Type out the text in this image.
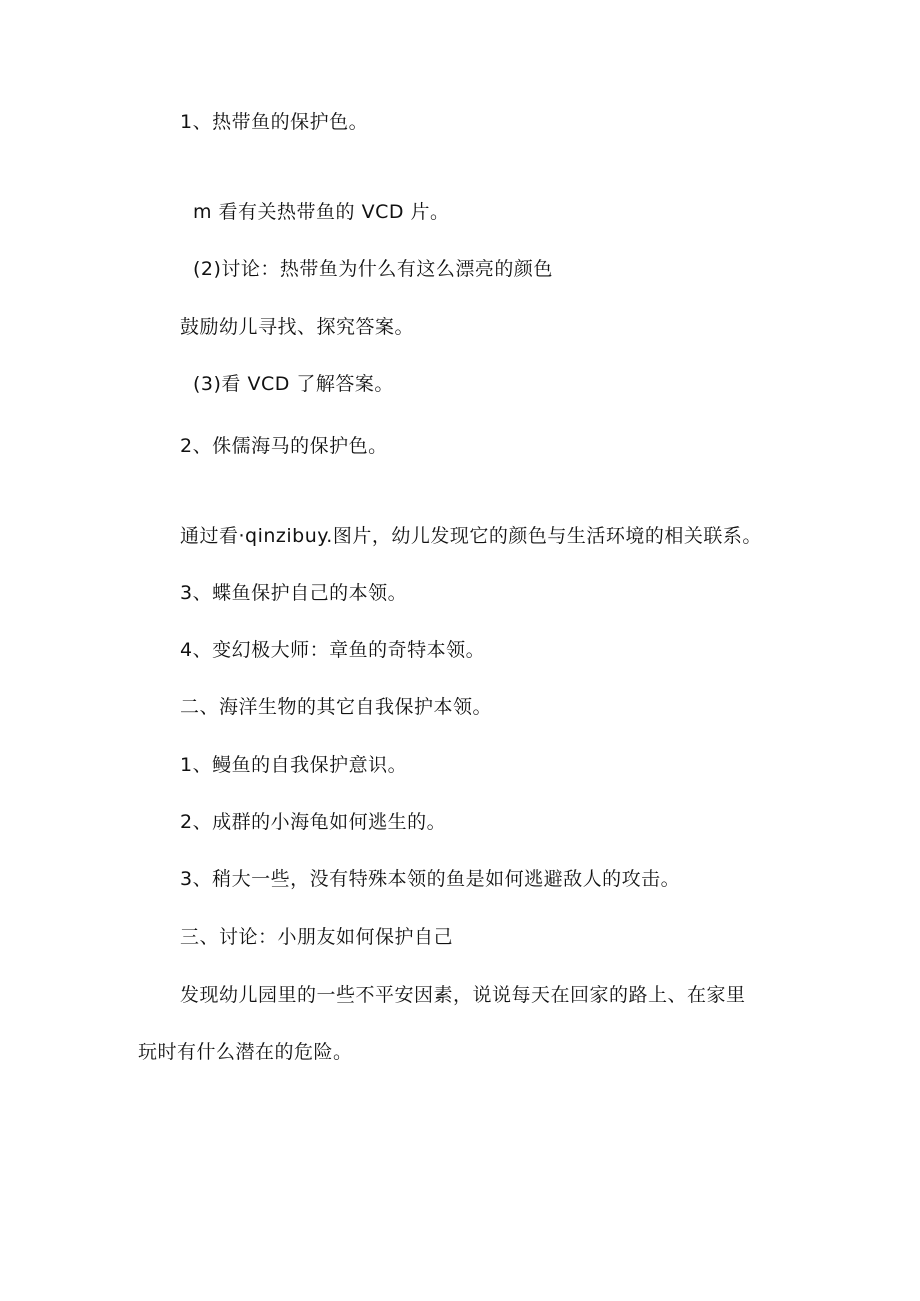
1、热带鱼的保护色。
m 看有关热带鱼的 VCD 片。
(2)讨论：热带鱼为什么有这么漂亮的颜色
鼓励幼儿寻找、探究答案。
(3)看 VCD 了解答案。
2、侏儒海马的保护色。
通过看·qinzibuy.图片，幼儿发现它的颜色与生活环境的相关联系。
3、蝶鱼保护自己的本领。
4、变幻极大师：章鱼的奇特本领。
二、海洋生物的其它自我保护本领。
1、鳗鱼的自我保护意识。
2、成群的小海龟如何逃生的。
3、稍大一些，没有特殊本领的鱼是如何逃避敌人的攻击。
三、讨论：小朋友如何保护自己
发现幼儿园里的一些不平安因素，说说每天在回家的路上、在家里
玩时有什么潜在的危险。
